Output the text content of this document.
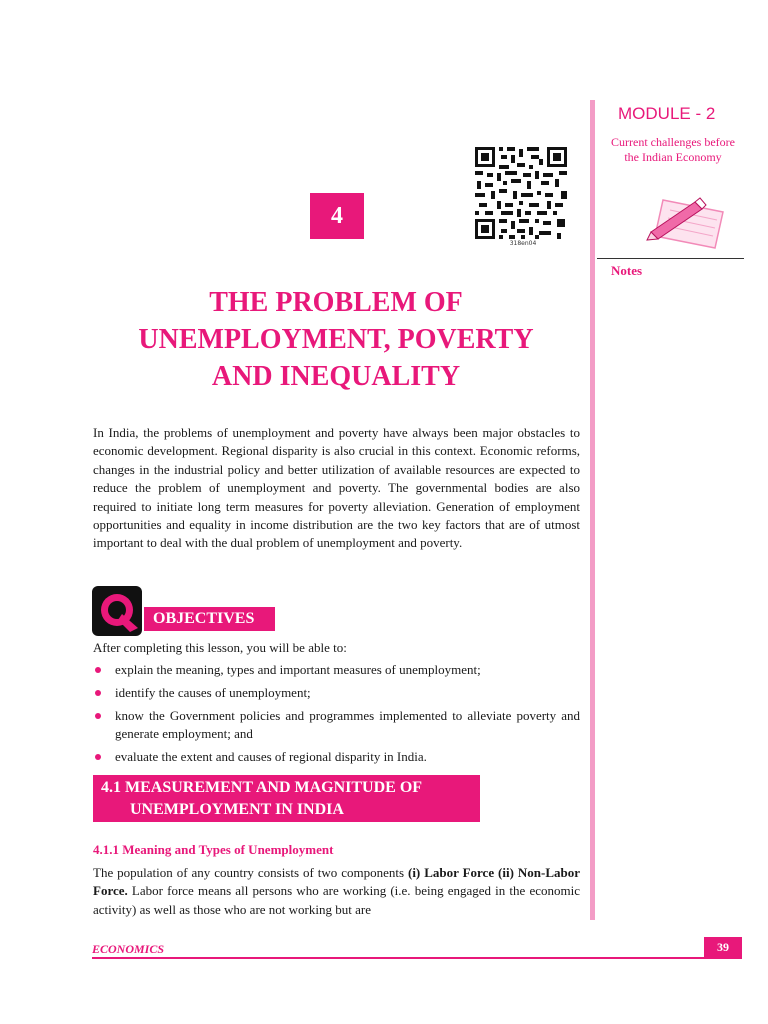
MODULE - 2
Current challenges before
the Indian Economy
Notes
318en04
4
THE PROBLEM OF
UNEMPLOYMENT, POVERTY
AND INEQUALITY
In India, the problems of unemployment and poverty have always been major obstacles to economic development. Regional disparity is also crucial in this context. Economic reforms, changes in the industrial policy and better utilization of available resources are expected to reduce the problem of unemployment and poverty. The governmental bodies are also required to initiate long term measures for poverty alleviation. Generation of employment opportunities and equality in income distribution are the two key factors that are of utmost important to deal with the dual problem of unemployment and poverty.
OBJECTIVES
After completing this lesson, you will be able to:
explain the meaning, types and important measures of unemployment;
identify the causes of unemployment;
know the Government policies and programmes implemented to alleviate poverty and generate employment; and
evaluate the extent and causes of regional disparity in India.
4.1 MEASUREMENT AND MAGNITUDE OF
UNEMPLOYMENT IN INDIA
4.1.1 Meaning and Types of Unemployment
The population of any country consists of two components (i) Labor Force (ii) Non-Labor Force. Labor force means all persons who are working (i.e. being engaged in the economic activity) as well as those who are not working but are
ECONOMICS	39
